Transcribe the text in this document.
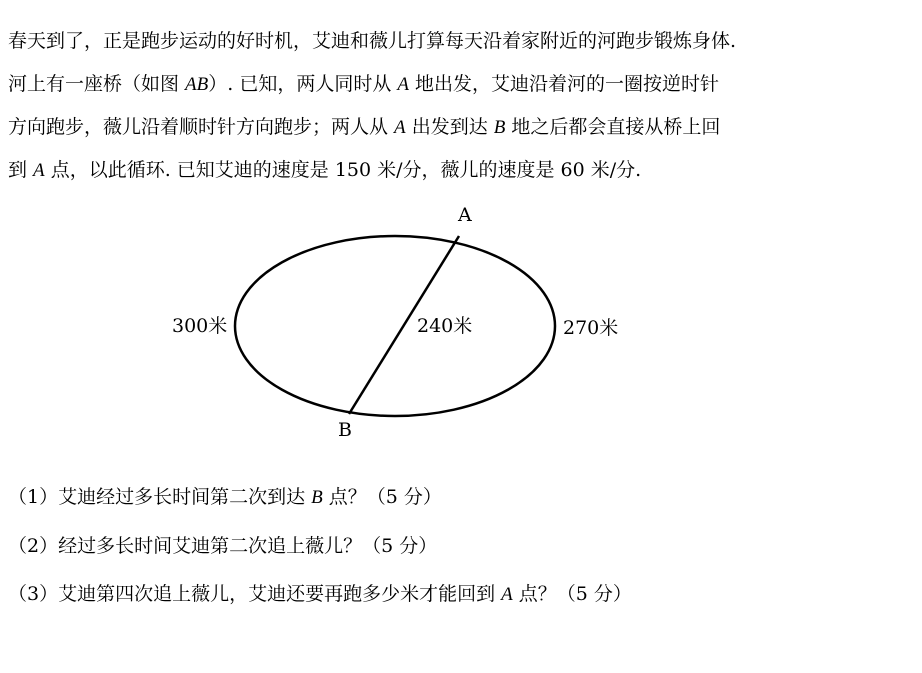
春天到了，正是跑步运动的好时机，艾迪和薇儿打算每天沿着家附近的河跑步锻炼身体.
河上有一座桥（如图 AB）. 已知，两人同时从 A 地出发，艾迪沿着河的一圈按逆时针
方向跑步，薇儿沿着顺时针方向跑步；两人从 A 出发到达 B 地之后都会直接从桥上回
到 A 点，以此循环. 已知艾迪的速度是 150 米/分，薇儿的速度是 60 米/分.
A
B
300米	240米	270米
（1）艾迪经过多长时间第二次到达 B 点？（5 分）
（2）经过多长时间艾迪第二次追上薇儿？（5 分）
（3）艾迪第四次追上薇儿，艾迪还要再跑多少米才能回到 A 点？（5 分）
